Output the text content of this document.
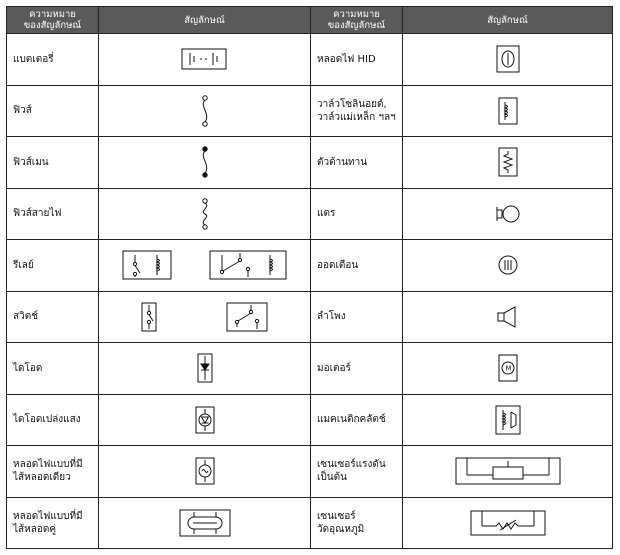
ความหมาย
ของสัญลักษณ์	สัญลักษณ์	ความหมาย
ของสัญลักษณ์	สัญลักษณ์
แบตเตอรี่		หลอดไฟ HID	
ฟิวส์		วาล์วโซลินอยด์,
วาล์วแม่เหล็ก ฯลฯ	
ฟิวส์เมน		ตัวต้านทาน	
ฟิวส์สายไฟ		แตร	
รีเลย์		ออดเตือน	
สวิตช์		ลำโพง	
ไดโอด		มอเตอร์	M

ไดโอดเปล่งแสง		แมคเนติกคลัตช์	
หลอดไฟแบบที่มี
ไส้หลอดเดียว		เซนเซอร์แรงดัน
เป็นต้น	
หลอดไฟแบบที่มี
ไส้หลอดคู่		เซนเซอร์
วัดอุณหภูมิ	
